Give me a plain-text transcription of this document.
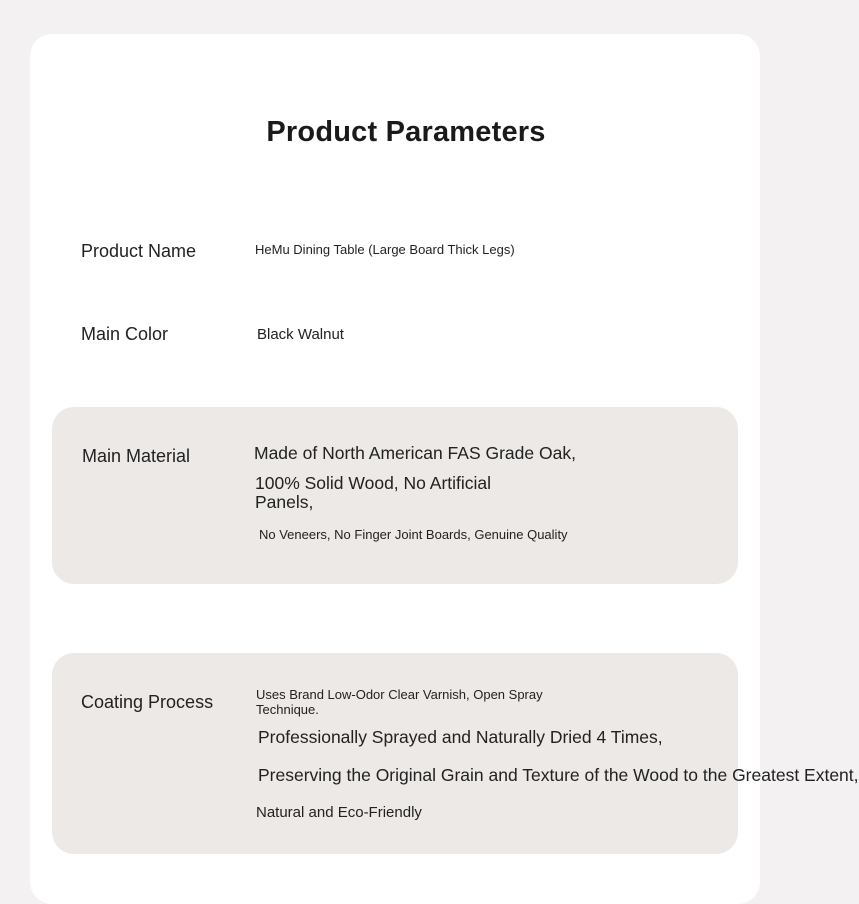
Product Parameters
Product Name	HeMu Dining Table (Large Board Thick Legs)
Main Color	Black Walnut
Main Material	Made of North American FAS Grade Oak,
100% Solid Wood, No Artificial Panels,
No Veneers, No Finger Joint Boards, Genuine Quality
Coating Process	Uses Brand Low-Odor Clear Varnish, Open Spray Technique.
Professionally Sprayed and Naturally Dried 4 Times,
Preserving the Original Grain and Texture of the Wood to the Greatest Extent,
Natural and Eco-Friendly
